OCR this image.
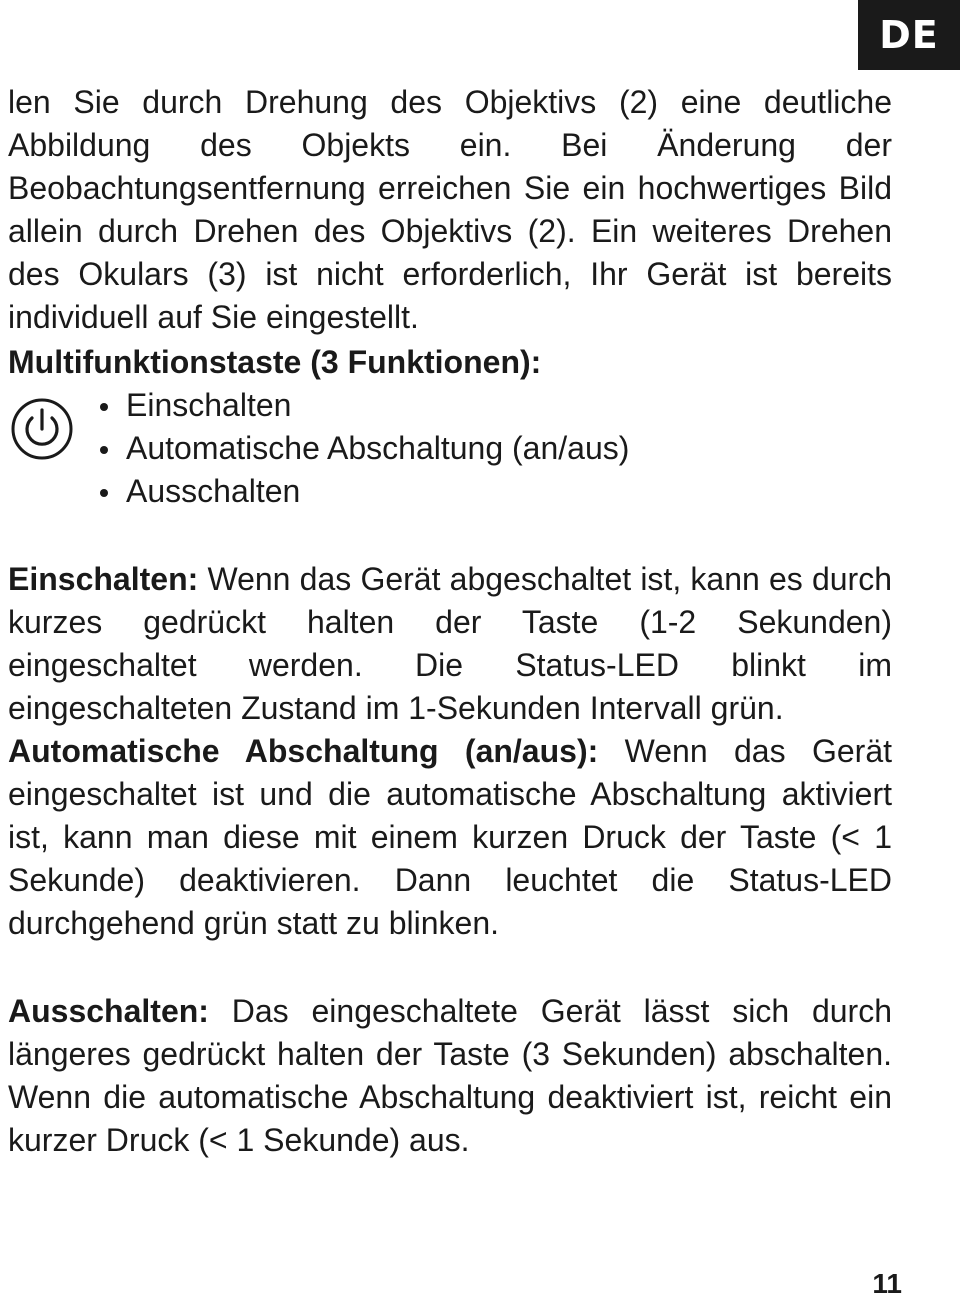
DE

len Sie durch Drehung des Objektivs (2) eine deutliche Abbildung des Objekts ein. Bei Änderung der Beobachtungsentfernung erreichen Sie ein hochwertiges Bild allein durch Drehen des Objektivs (2). Ein weiteres Drehen des Okulars (3) ist nicht erforderlich, Ihr Gerät ist bereits individuell auf Sie eingestellt.

Multifunktionstaste (3 Funktionen):

Einschalten
Automatische Abschaltung (an/aus)
Ausschalten

Einschalten: Wenn das Gerät abgeschaltet ist, kann es durch kurzes gedrückt halten der Taste (1-2 Sekunden) eingeschaltet werden. Die Status-LED blinkt im eingeschalteten Zustand im 1-Sekunden Intervall grün.

Automatische Abschaltung (an/aus): Wenn das Gerät eingeschaltet ist und die automatische Abschaltung aktiviert ist, kann man diese mit einem kurzen Druck der Taste (< 1 Sekunde) deaktivieren. Dann leuchtet die Status-LED durchgehend grün statt zu blinken.

Ausschalten: Das eingeschaltete Gerät lässt sich durch längeres gedrückt halten der Taste (3 Sekunden) abschalten. Wenn die automatische Abschaltung deaktiviert ist, reicht ein kurzer Druck (< 1 Sekunde) aus.

11
